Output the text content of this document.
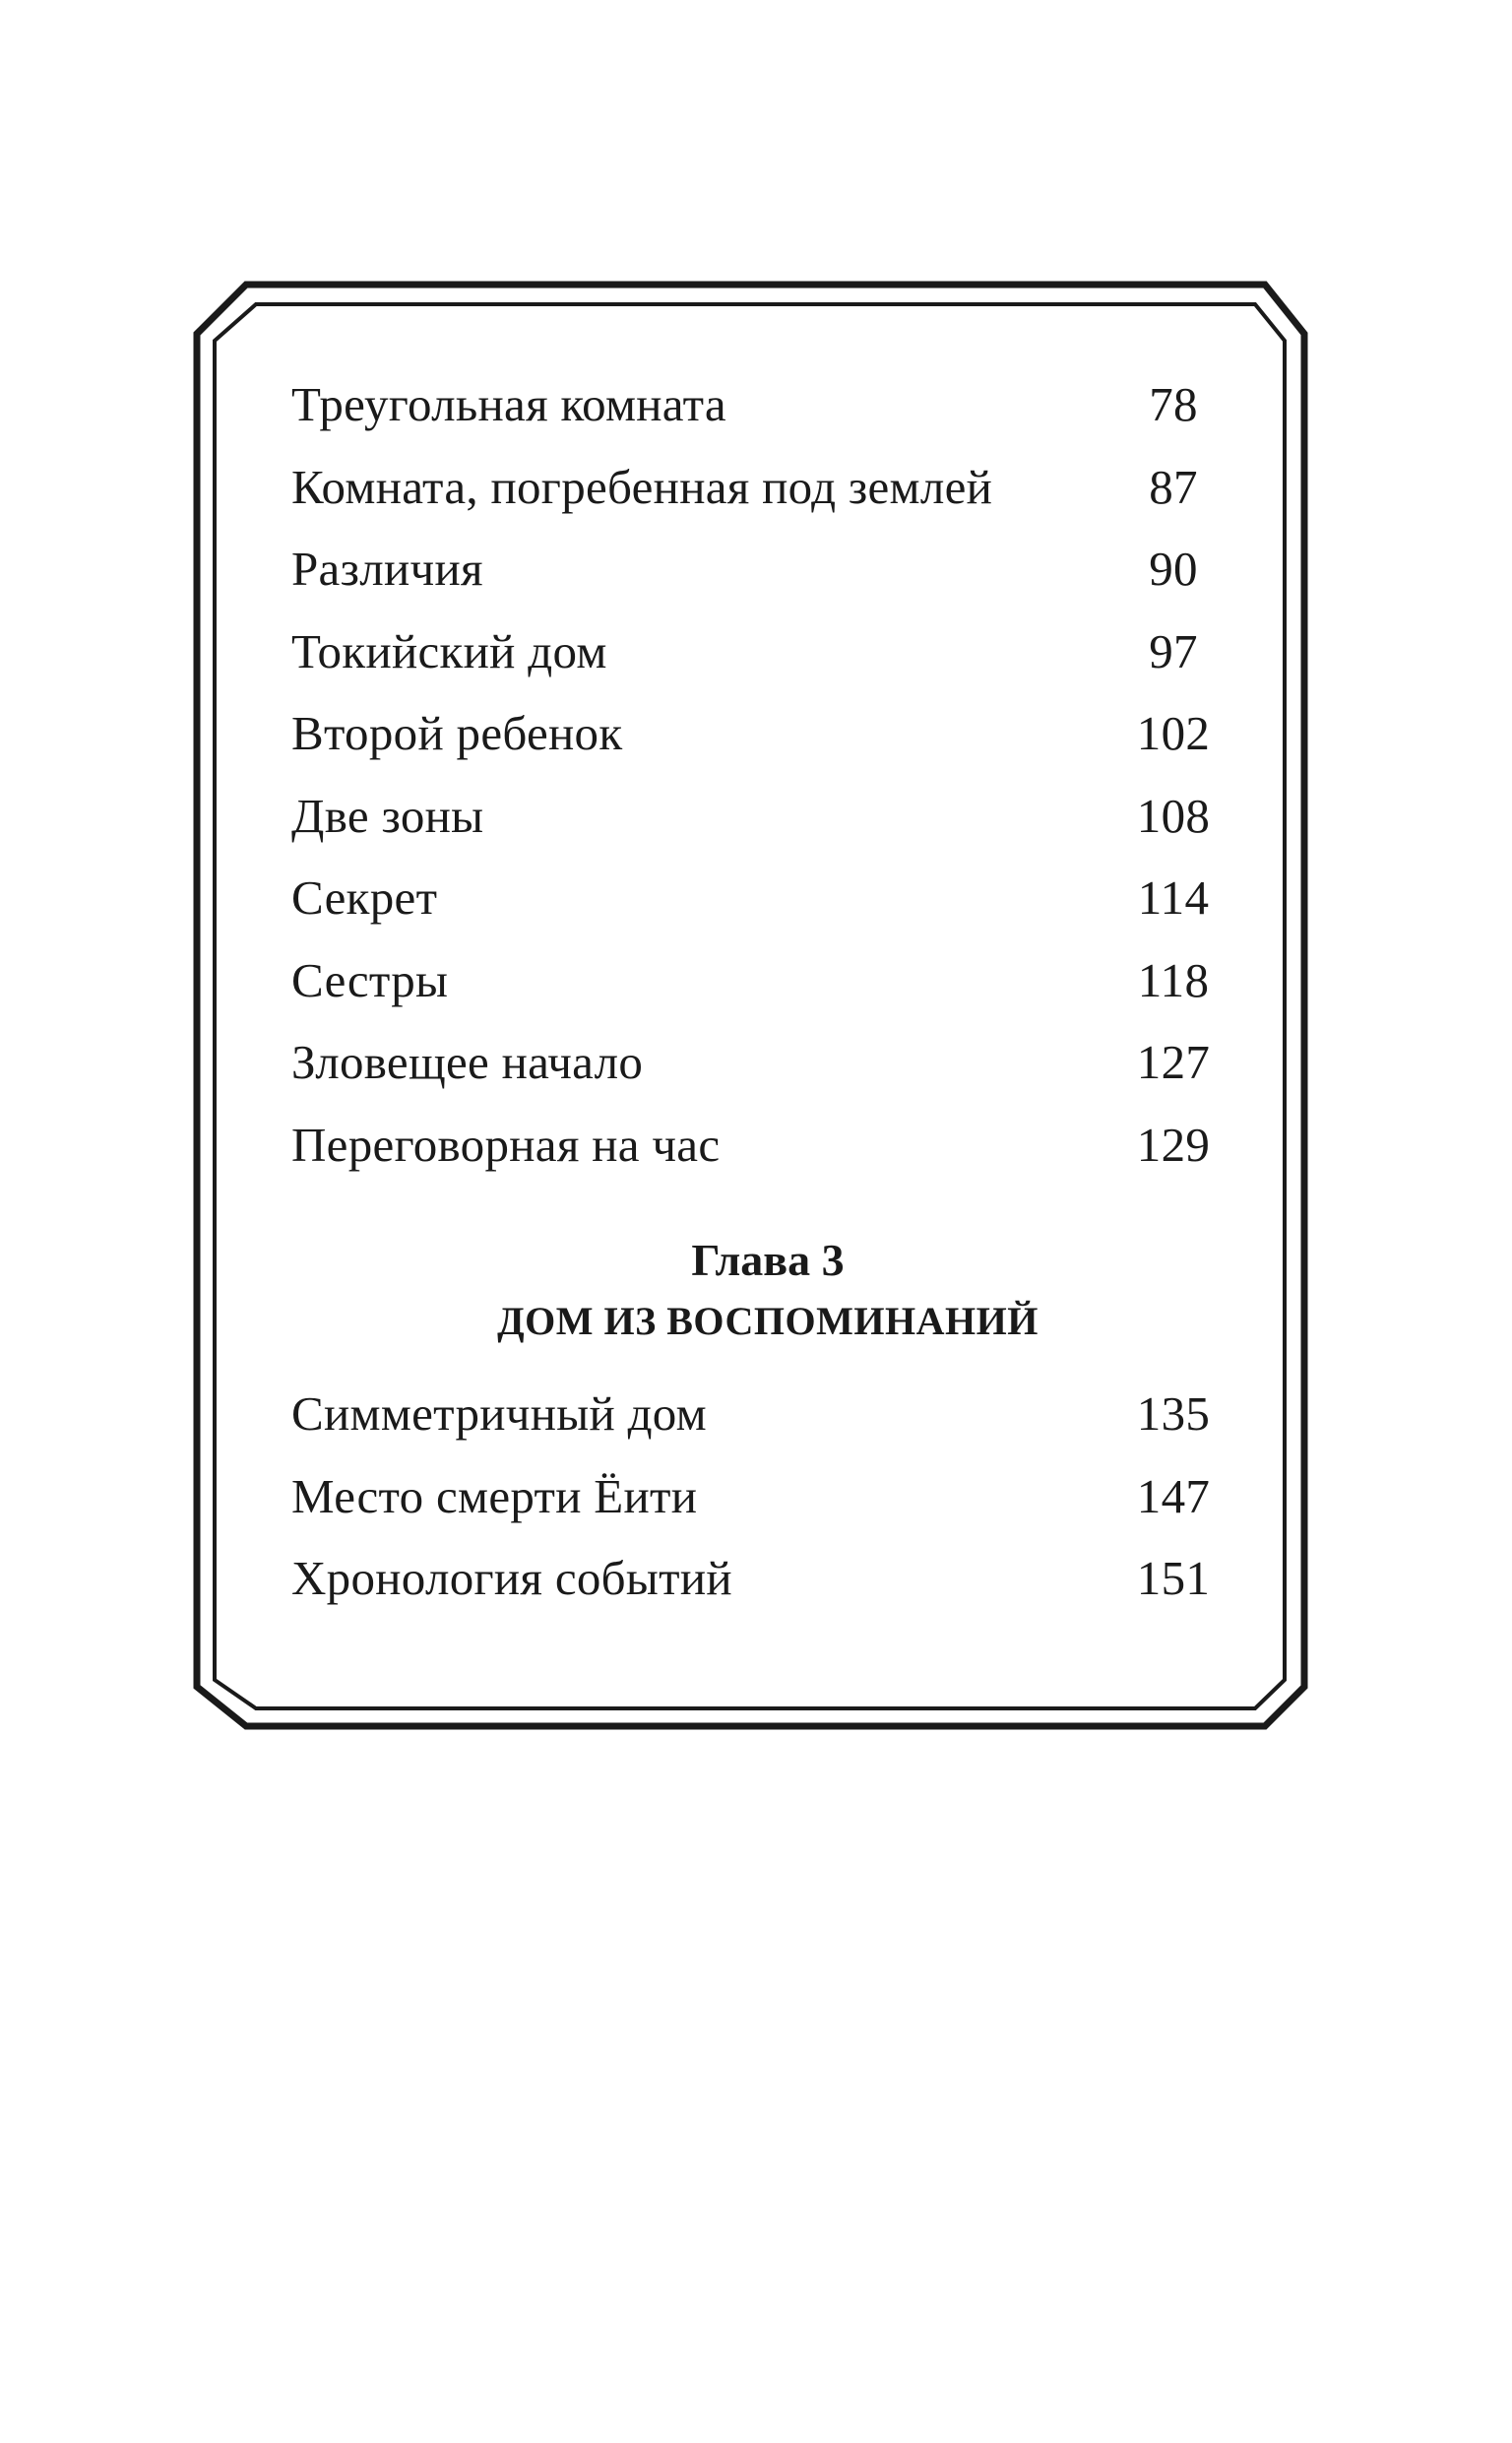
Треугольная комната	78
Комната, погребенная под землей	87
Различия	90
Токийский дом	97
Второй ребенок	102
Две зоны	108
Секрет	114
Сестры	118
Зловещее начало	127
Переговорная на час	129
Глава 3
ДОМ ИЗ ВОСПОМИНАНИЙ
Симметричный дом	135
Место смерти Ёити	147
Хронология событий	151
